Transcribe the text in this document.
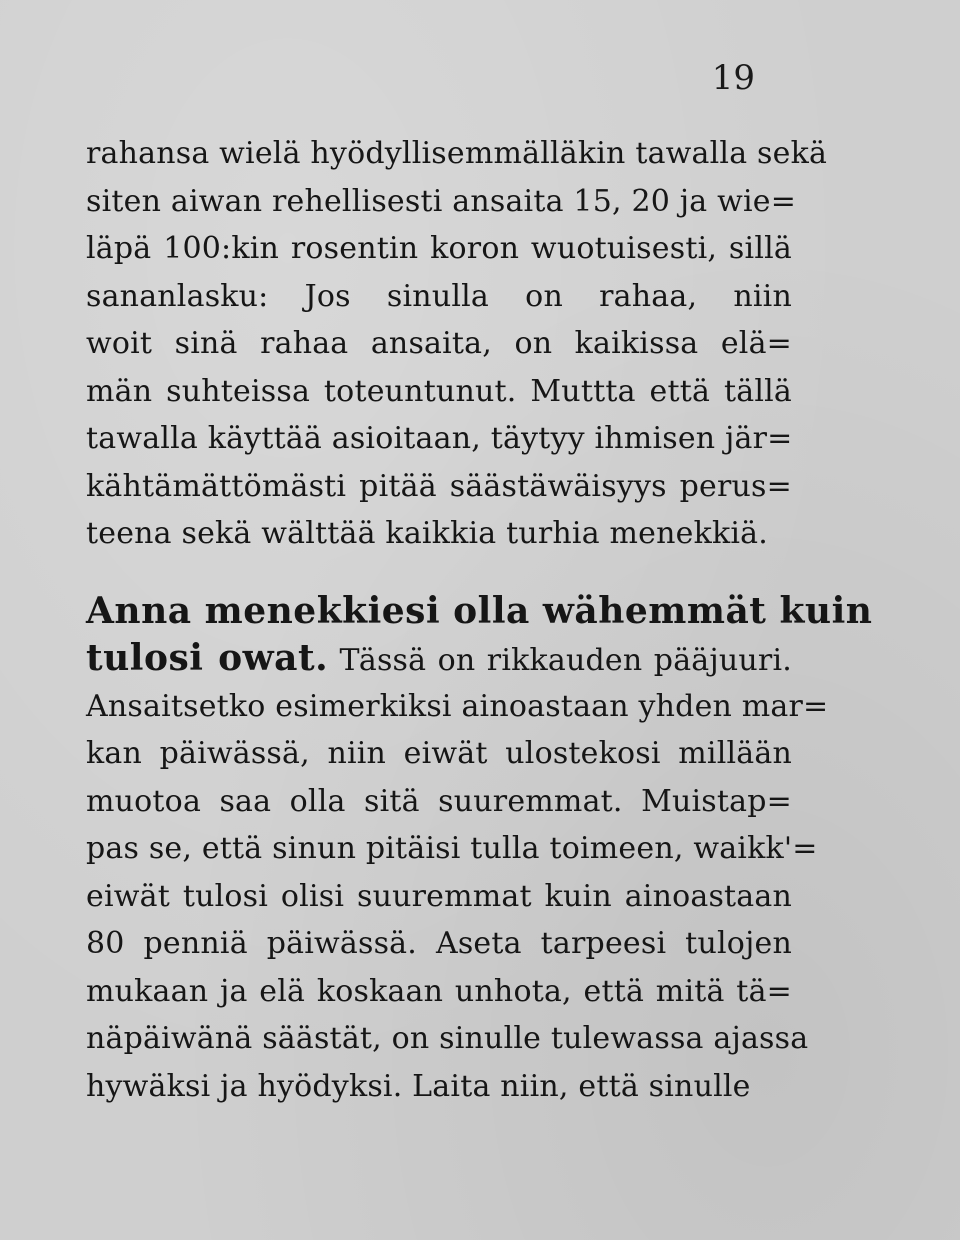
19
rahansa wielä hyödyllisemmälläkin tawalla sekä
siten aiwan rehellisesti ansaita 15, 20 ja wie=
läpä 100:kin rosentin koron wuotuisesti, sillä
sananlasku: Jos sinulla on rahaa, niin
woit sinä rahaa ansaita, on kaikissa elä=
män suhteissa toteuntunut. Muttta että tällä
tawalla käyttää asioitaan, täytyy ihmisen jär=
kähtämättömästi pitää säästäwäisyys perus=
teena sekä wälttää kaikkia turhia menekkiä.
Anna menekkiesi olla wähemmät kuin
tulosi owat. Tässä on rikkauden pääjuuri.
Ansaitsetko esimerkiksi ainoastaan yhden mar=
kan päiwässä, niin eiwät ulostekosi millään
muotoa saa olla sitä suuremmat. Muistap=
pas se, että sinun pitäisi tulla toimeen, waikk'=
eiwät tulosi olisi suuremmat kuin ainoastaan
80 penniä päiwässä. Aseta tarpeesi tulojen
mukaan ja elä koskaan unhota, että mitä tä=
näpäiwänä säästät, on sinulle tulewassa ajassa
hywäksi ja hyödyksi. Laita niin, että sinulle
